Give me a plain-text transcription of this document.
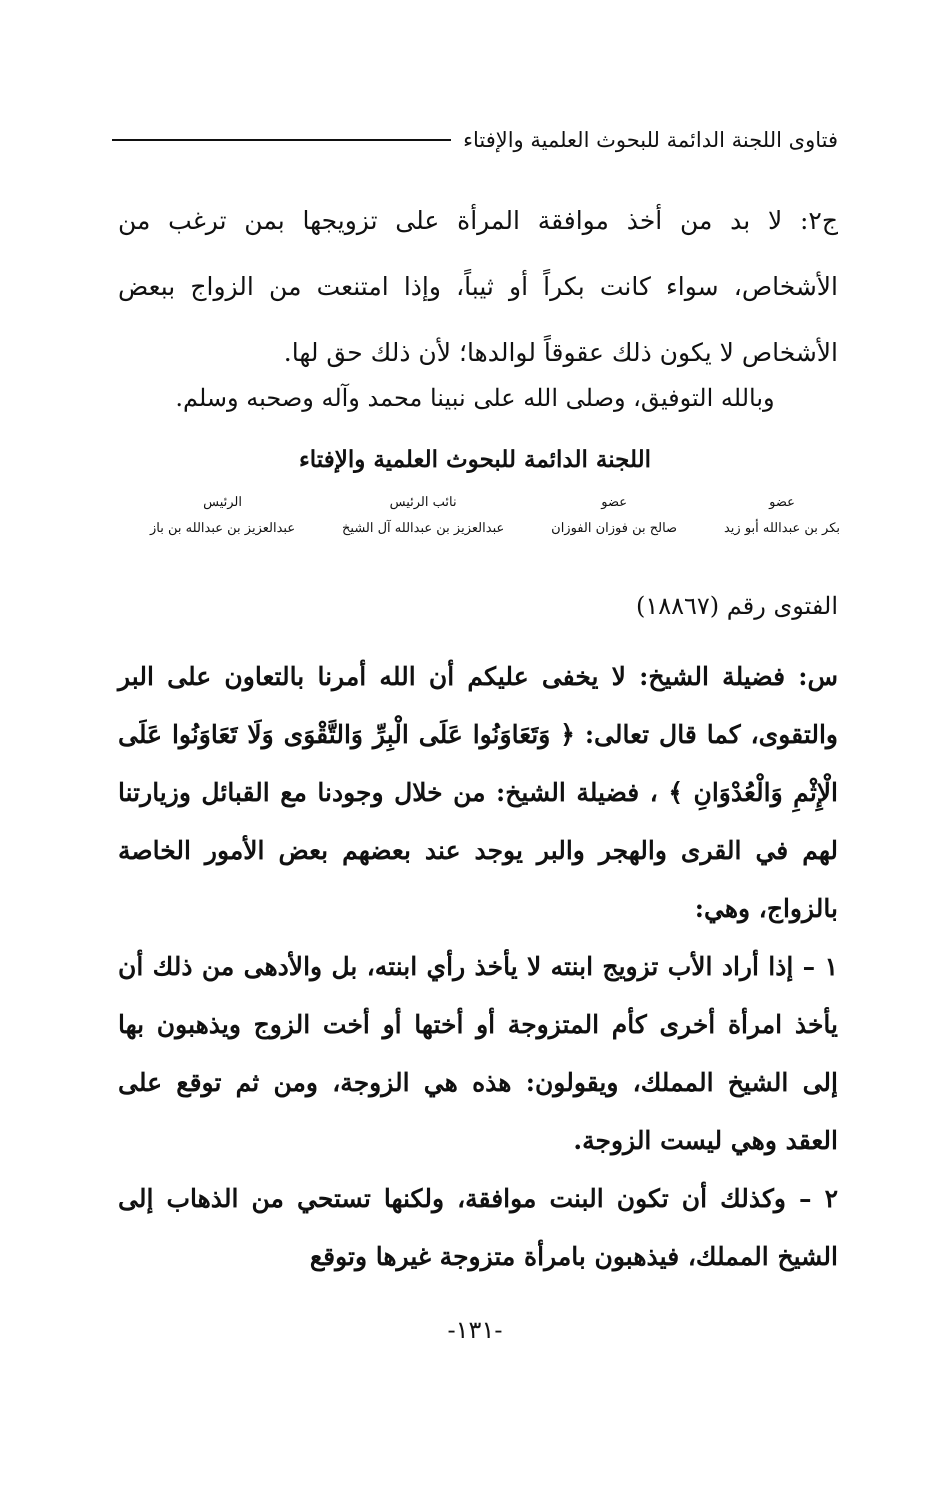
فتاوى اللجنة الدائمة للبحوث العلمية والإفتاء

ج٢: لا بد من أخذ موافقة المرأة على تزويجها بمن ترغب من الأشخاص، سواء كانت بكراً أو ثيباً، وإذا امتنعت من الزواج ببعض الأشخاص لا يكون ذلك عقوقاً لوالدها؛ لأن ذلك حق لها.

وبالله التوفيق، وصلى الله على نبينا محمد وآله وصحبه وسلم.
اللجنة الدائمة للبحوث العلمية والإفتاء
عضو
بكر بن عبدالله أبو زيد
عضو
صالح بن فوزان الفوزان
نائب الرئيس
عبدالعزيز بن عبدالله آل الشيخ
الرئيس
عبدالعزيز بن عبدالله بن باز
الفتوى رقم (١٨٨٦٧)

س: فضيلة الشيخ: لا يخفى عليكم أن الله أمرنا بالتعاون على البر والتقوى، كما قال تعالى: ﴿ وَتَعَاوَنُوا عَلَى الْبِرِّ وَالتَّقْوَى وَلَا تَعَاوَنُوا عَلَى الْإِثْمِ وَالْعُدْوَانِ ﴾ ، فضيلة الشيخ: من خلال وجودنا مع القبائل وزيارتنا لهم في القرى والهجر والبر يوجد عند بعضهم بعض الأمور الخاصة بالزواج، وهي:

١ – إذا أراد الأب تزويج ابنته لا يأخذ رأي ابنته، بل والأدهى من ذلك أن يأخذ امرأة أخرى كأم المتزوجة أو أختها أو أخت الزوج ويذهبون بها إلى الشيخ المملك، ويقولون: هذه هي الزوجة، ومن ثم توقع على العقد وهي ليست الزوجة.

٢ – وكذلك أن تكون البنت موافقة، ولكنها تستحي من الذهاب إلى الشيخ المملك، فيذهبون بامرأة متزوجة غيرها وتوقع

-١٣١-
